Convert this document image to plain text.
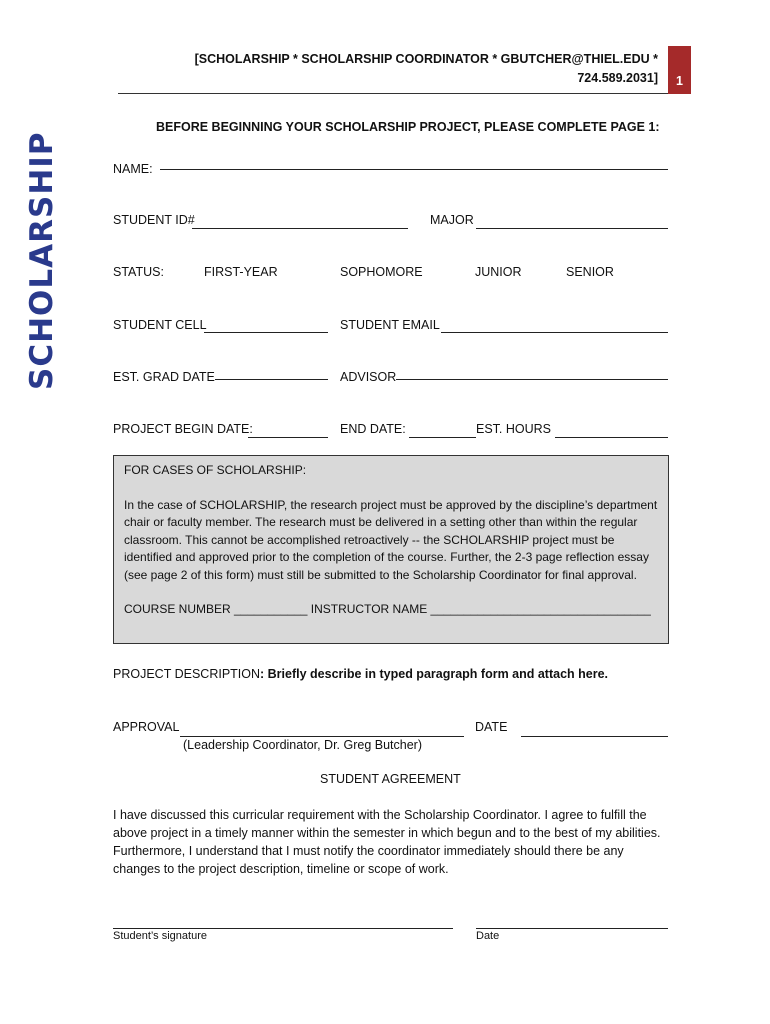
SCHOLARSHIP
[SCHOLARSHIP * SCHOLARSHIP COORDINATOR * GBUTCHER@THIEL.EDU *
724.589.2031]	1
BEFORE BEGINNING YOUR SCHOLARSHIP PROJECT, PLEASE COMPLETE PAGE 1:
NAME:
STUDENT ID#	MAJOR
STATUS:	FIRST-YEAR	SOPHOMORE	JUNIOR	SENIOR
STUDENT CELL	STUDENT EMAIL
EST. GRAD DATE	ADVISOR
PROJECT BEGIN DATE:	END DATE:	EST. HOURS

FOR CASES OF SCHOLARSHIP:

In the case of SCHOLARSHIP, the research project must be approved by the discipline’s department chair or faculty member. The research must be delivered in a setting other than within the regular classroom. This cannot be accomplished retroactively -- the SCHOLARSHIP project must be identified and approved prior to the completion of the course. Further, the 2-3 page reflection essay (see page 2 of this form) must still be submitted to the Scholarship Coordinator for final approval.

COURSE NUMBER ___________ INSTRUCTOR NAME _________________________________

PROJECT DESCRIPTION: Briefly describe in typed paragraph form and attach here.
APPROVAL
(Leadership Coordinator, Dr. Greg Butcher)
DATE
STUDENT AGREEMENT
I have discussed this curricular requirement with the Scholarship Coordinator. I agree to fulfill the above project in a timely manner within the semester in which begun and to the best of my abilities. Furthermore, I understand that I must notify the coordinator immediately should there be any changes to the project description, timeline or scope of work.
Student’s signature	Date
